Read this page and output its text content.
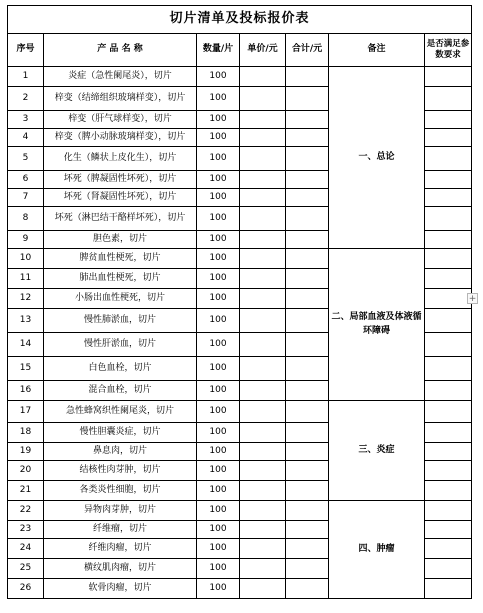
切片清单及投标报价表						
序号	产 品 名 称	数量/片	单价/元	合计/元	备注	是否满足参数要求
1	炎症（急性阑尾炎），切片	100			一、总论	
2	梓变（结缔组织玻璃样变），切片	100				
3	梓变（肝气球样变），切片	100				
4	梓变（脾小动脉玻璃样变），切片	100				
5	化生（鳞状上皮化生），切片	100				
6	坏死（脾凝固性坏死），切片	100				
7	坏死（肾凝固性坏死），切片	100				
8	坏死（淋巴结干酪样坏死），切片	100				
9	胆色素，切片	100				
10	脾贫血性梗死，切片	100			二、局部血液及体液循环障碍	
11	肺出血性梗死，切片	100				
12	小肠出血性梗死，切片	100				
13	慢性肺淤血，切片	100				
14	慢性肝淤血，切片	100				
15	白色血栓，切片	100				
16	混合血栓，切片	100				
17	急性蜂窝织性阑尾炎，切片	100			三、炎症	
18	慢性胆囊炎症，切片	100				
19	鼻息肉，切片	100				
20	结核性肉芽肿，切片	100				
21	各类炎性细胞，切片	100				
22	异物肉芽肿，切片	100			四、肿瘤	
23	纤维瘤，切片	100				
24	纤维肉瘤，切片	100				
25	横纹肌肉瘤，切片	100				
26	软骨肉瘤，切片	100				
+
